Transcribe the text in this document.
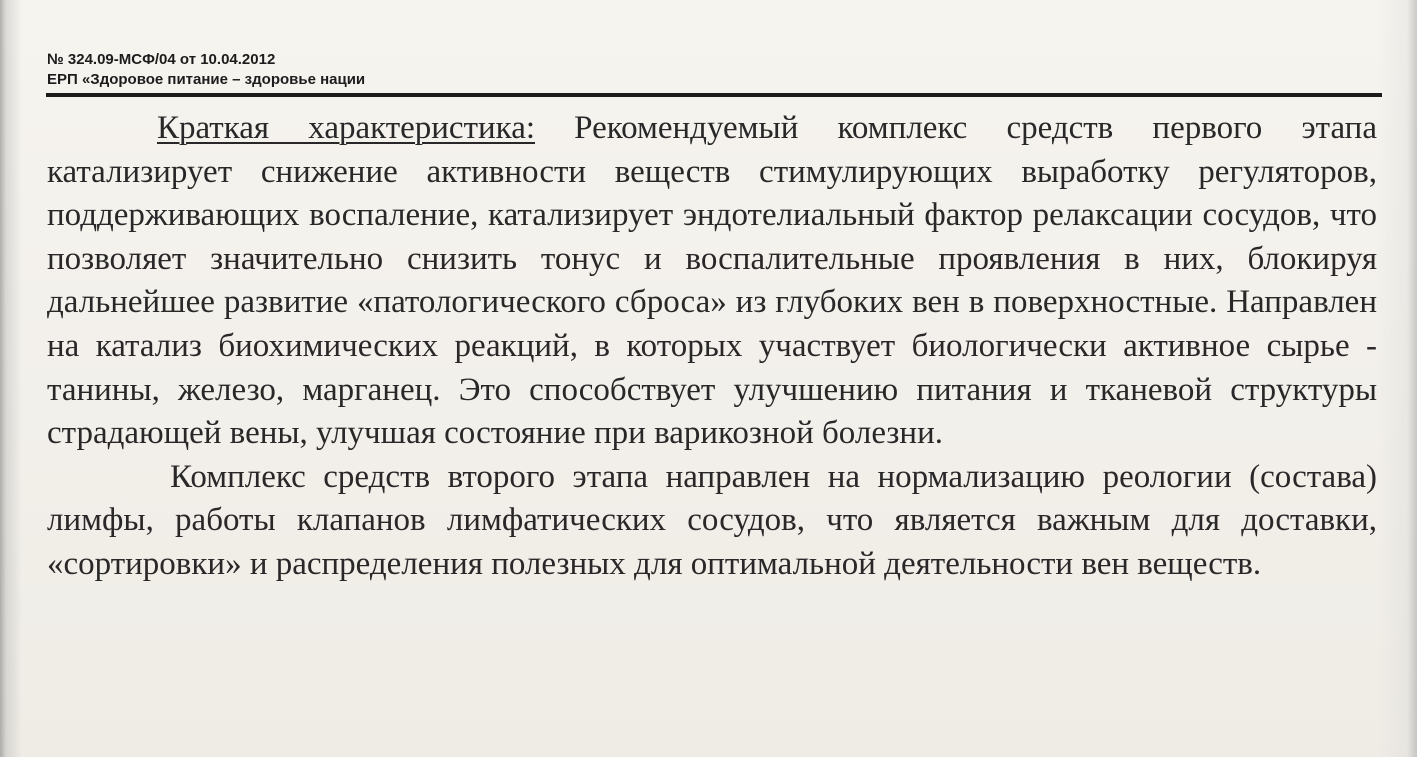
№ 324.09-МСФ/04 от 10.04.2012
ЕРП «Здоровое питание – здоровье нации

Краткая характеристика: Рекомендуемый комплекс средств первого этапа катализирует снижение активности веществ стимулирующих выработку регуляторов, поддерживающих воспаление, катализирует эндотелиальный фактор релаксации сосудов, что позволяет значительно снизить тонус и воспалительные проявления в них, блокируя дальнейшее развитие «патологического сброса» из глубоких вен в поверхностные. Направлен на катализ биохимических реакций, в которых участвует биологически активное сырье - танины, железо, марганец. Это способствует улучшению питания и тканевой структуры страдающей вены, улучшая состояние при варикозной болезни.

Комплекс средств второго этапа направлен на нормализацию реологии (состава) лимфы, работы клапанов лимфатических сосудов, что является важным для доставки, «сортировки» и распределения полезных для оптимальной деятельности вен веществ.
